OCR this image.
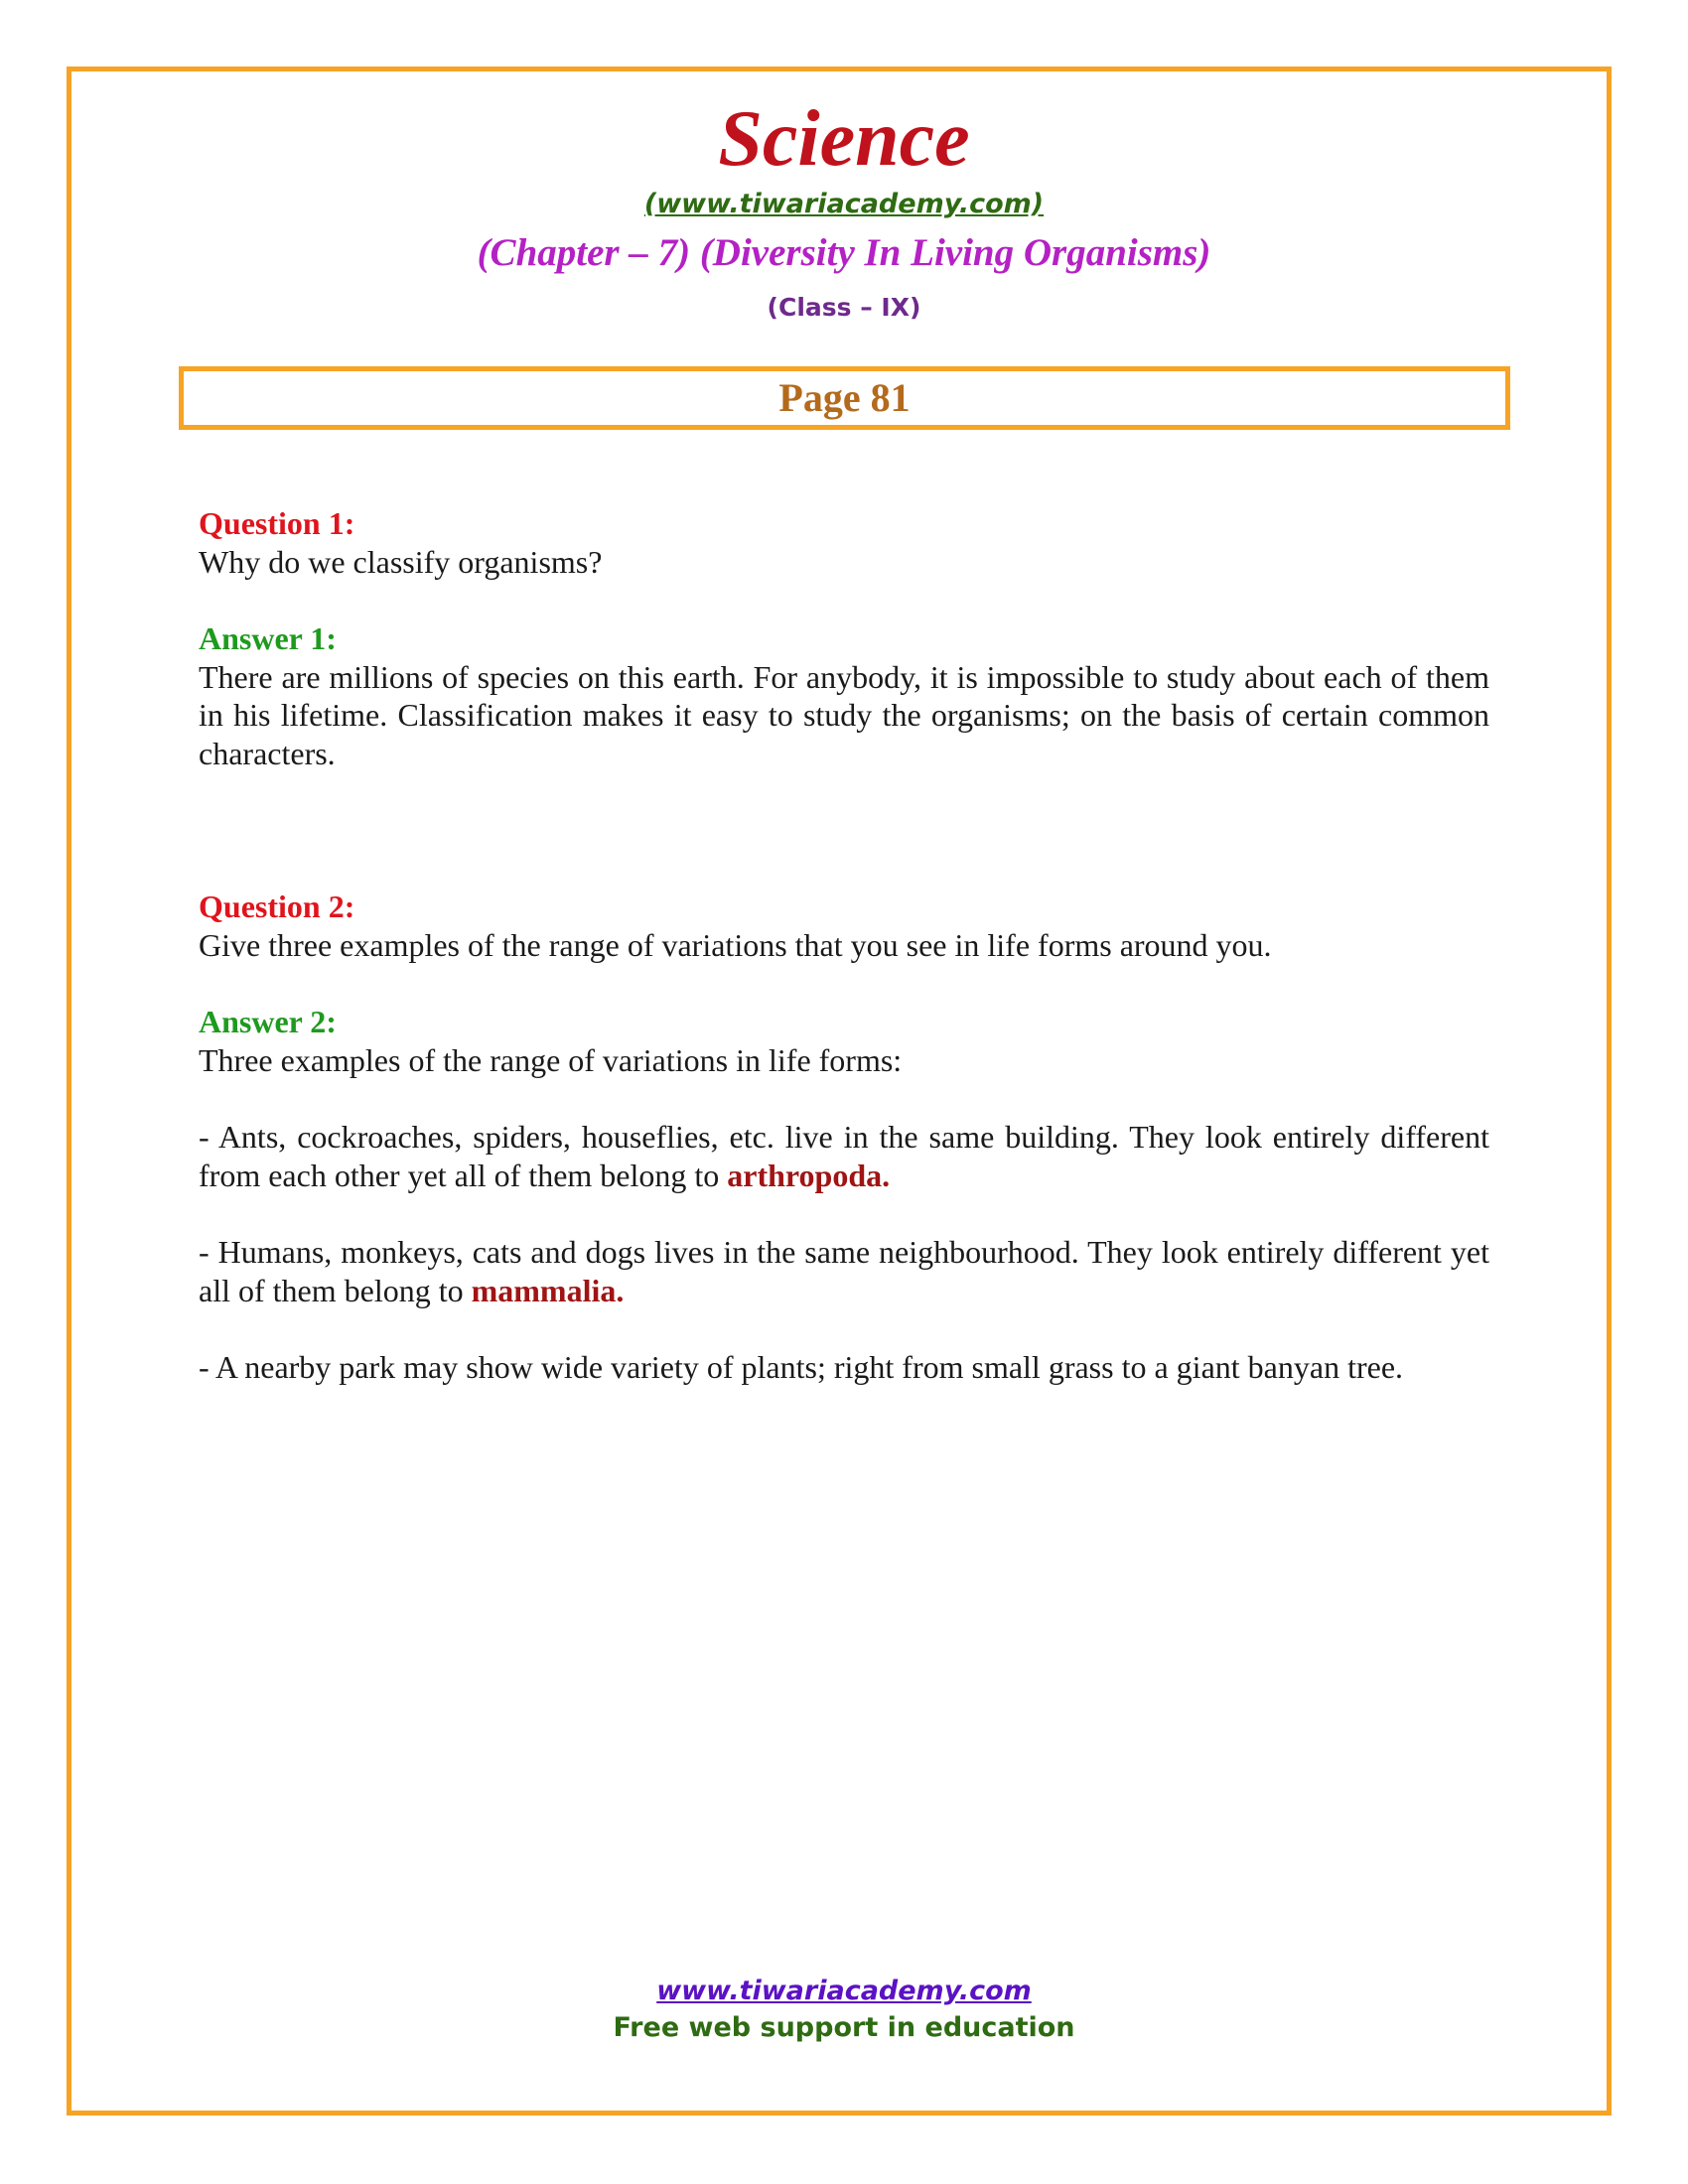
Science
(www.tiwariacademy.com)
(Chapter – 7) (Diversity In Living Organisms)
(Class – IX)
Page 81

Question 1:

Why do we classify organisms?

Answer 1:

There are millions of species on this earth. For anybody, it is impossible to study about each of them in his lifetime. Classification makes it easy to study the organisms; on the basis of certain common characters.

Question 2:

Give three examples of the range of variations that you see in life forms around you.

Answer 2:

Three examples of the range of variations in life forms:

- Ants, cockroaches, spiders, houseflies, etc. live in the same building. They look entirely different from each other yet all of them belong to arthropoda.

- Humans, monkeys, cats and dogs lives in the same neighbourhood. They look entirely different yet all of them belong to mammalia.

- A nearby park may show wide variety of plants; right from small grass to a giant banyan tree.

www.tiwariacademy.com
Free web support in education
